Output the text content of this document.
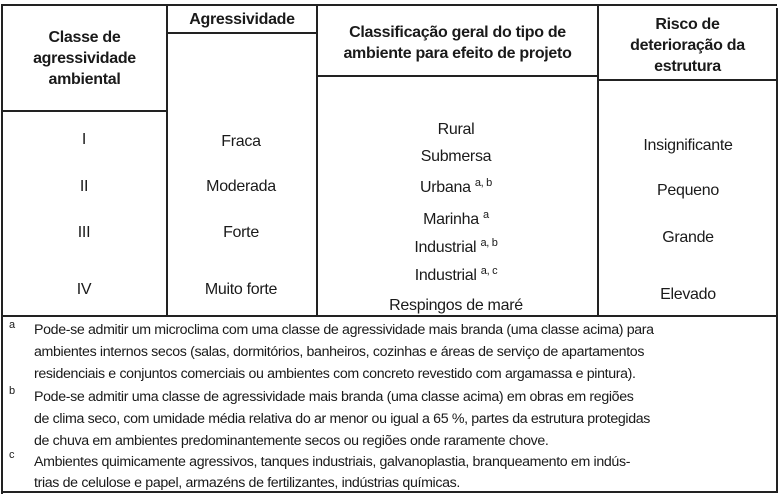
Classe de
agressividade
ambiental
Agressividade
Classificação geral do tipo de
ambiente para efeito de projeto
Risco de
deterioração da
estrutura
I
II
III
IV
Fraca
Moderada
Forte
Muito forte
Rural
Submersa
Urbana $^{a, b}$
Marinha $^a$
Industrial $^{a, b}$
Industrial $^{a, c}$
Respingos de maré
Insignificante
Pequeno
Grande
Elevado
a Pode-se admitir um microclima com uma classe de agressividade mais branda (uma classe acima) para
ambientes internos secos (salas, dormitórios, banheiros, cozinhas e áreas de serviço de apartamentos
residenciais e conjuntos comerciais ou ambientes com concreto revestido com argamassa e pintura).
b Pode-se admitir uma classe de agressividade mais branda (uma classe acima) em obras em regiões
de clima seco, com umidade média relativa do ar menor ou igual a 65 %, partes da estrutura protegidas
de chuva em ambientes predominantemente secos ou regiões onde raramente chove.
c Ambientes quimicamente agressivos, tanques industriais, galvanoplastia, branqueamento em indús-
trias de celulose e papel, armazéns de fertilizantes, indústrias químicas.
